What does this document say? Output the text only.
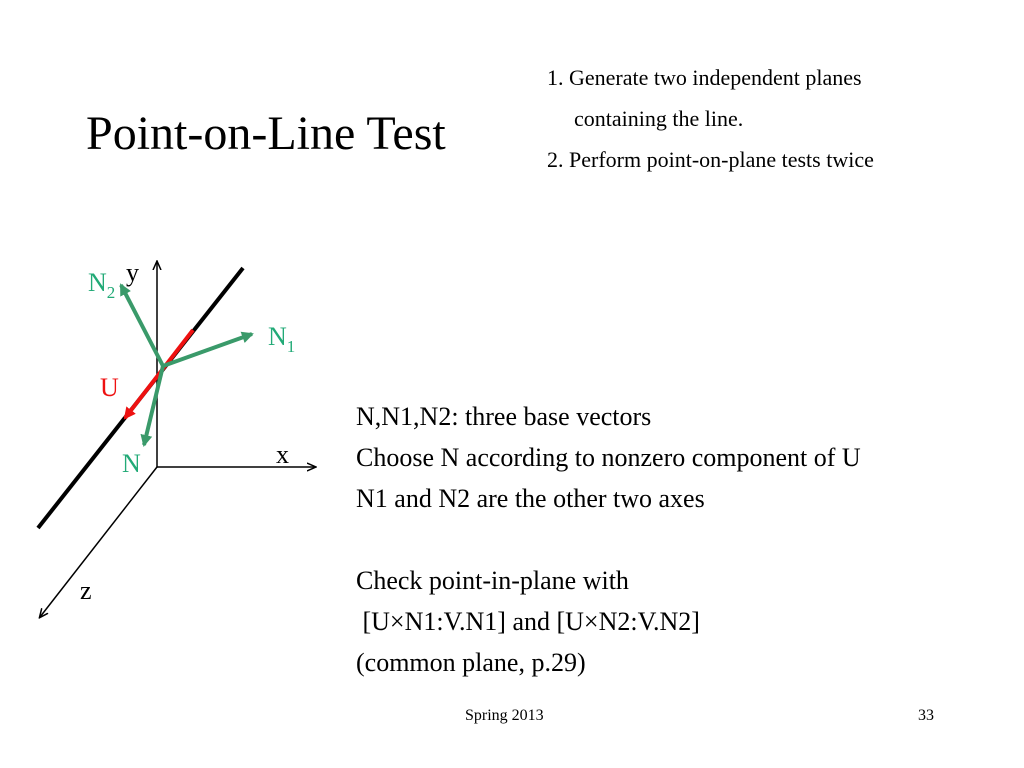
Point-on-Line Test
1. Generate two independent planes
containing the line.
2. Perform point-on-plane tests twice
y
x
z
U
N
$N_1$
$N_2$
N,N1,N2: three base vectors
Choose N according to nonzero component of U
N1 and N2 are the other two axes
Check point-in-plane with
[U×N1:V.N1] and [U×N2:V.N2]
(common plane, p.29)
Spring 2013	33
